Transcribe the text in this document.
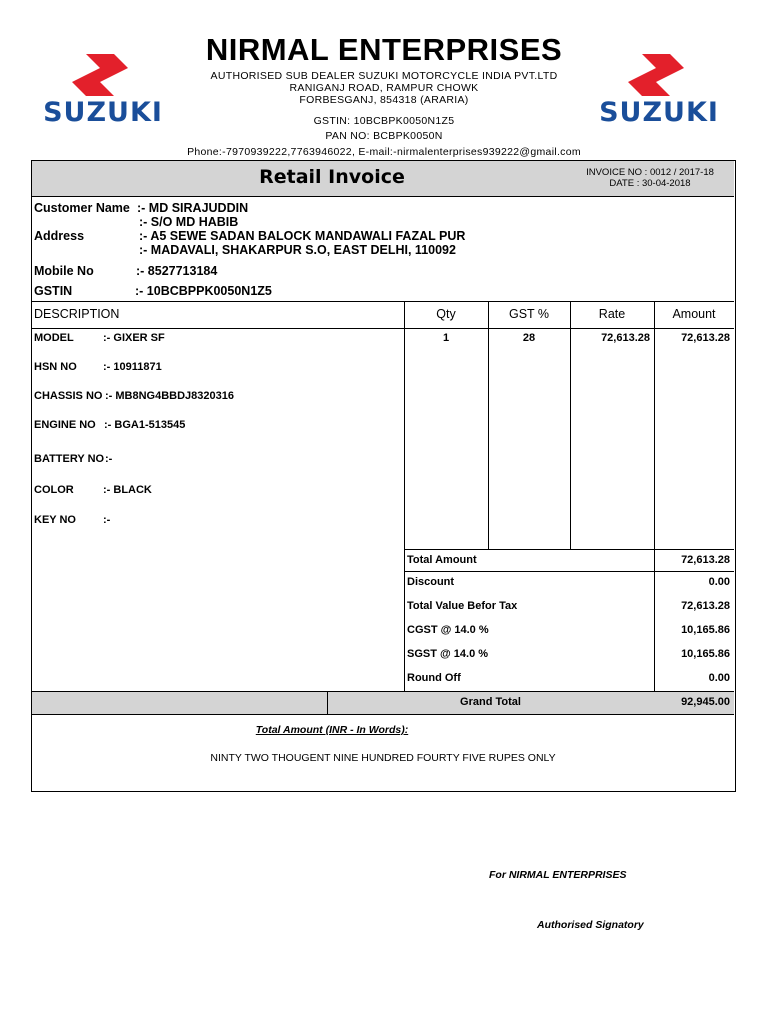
SUZUKI	SUZUKI
NIRMAL ENTERPRISES
AUTHORISED SUB DEALER SUZUKI MOTORCYCLE INDIA PVT.LTD
RANIGANJ ROAD, RAMPUR CHOWK
FORBESGANJ, 854318 (ARARIA)
GSTIN: 10BCBPK0050N1Z5
PAN NO: BCBPK0050N
Phone:-7970939222,7763946022, E-mail:-nirmalenterprises939222@gmail.com
Retail Invoice	INVOICE NO : 0012 / 2017-18
DATE : 30-04-2018
Customer Name :- MD SIRAJUDDIN
:- S/O MD HABIB
Address	:- A5 SEWE SADAN BALOCK MANDAWALI FAZAL PUR
:- MADAVALI, SHAKARPUR S.O, EAST DELHI, 110092
Mobile No	:- 8527713184
GSTIN	:- 10BCBPPK0050N1Z5
DESCRIPTION	Qty	GST %	Rate	Amount
MODEL	:- GIXER SF
HSN NO :- 10911871
CHASSIS NO :- MB8NG4BBDJ8320316
ENGINE NO :- BGA1-513545
BATTERY NO :-
COLOR	:- BLACK
KEY NO :-
1	28	72,613.28	72,613.28
Total Amount	72,613.28
Discount	0.00
Total Value Befor Tax	72,613.28
CGST @ 14.0 %	10,165.86
SGST @ 14.0 %	10,165.86
Round Off	0.00
Grand Total	92,945.00
Total Amount (INR - In Words):
NINTY TWO THOUGENT NINE HUNDRED FOURTY FIVE RUPES ONLY
For NIRMAL ENTERPRISES
Authorised Signatory
